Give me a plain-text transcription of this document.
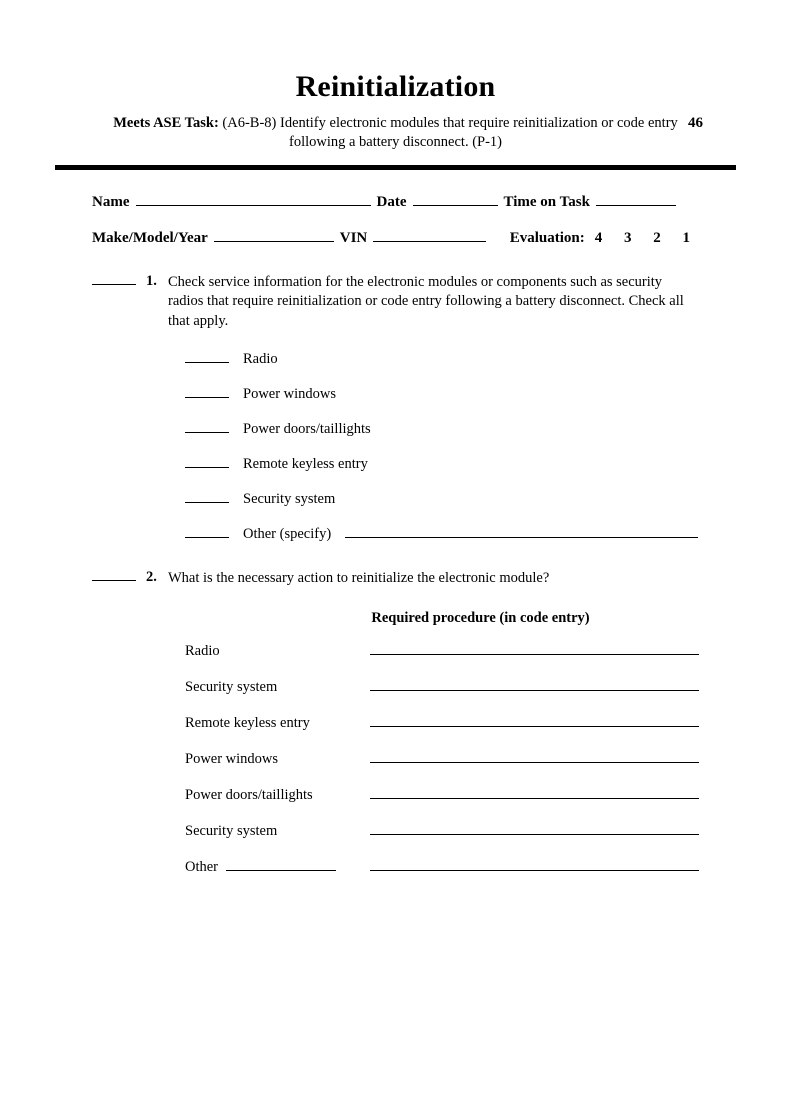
46
Reinitialization
Meets ASE Task: (A6-B-8) Identify electronic modules that require reinitialization or code entry following a battery disconnect. (P-1)
Name	Date	Time on Task
Make/Model/Year	VIN	Evaluation: 4 3 2 1
1. Check service information for the electronic modules or components such as security radios that require reinitialization or code entry following a battery disconnect. Check all that apply.
Radio
Power windows
Power doors/taillights
Remote keyless entry
Security system
Other (specify)
2. What is the necessary action to reinitialize the electronic module?
Required procedure (in code entry)
Radio
Security system
Remote keyless entry
Power windows
Power doors/taillights
Security system
Other
